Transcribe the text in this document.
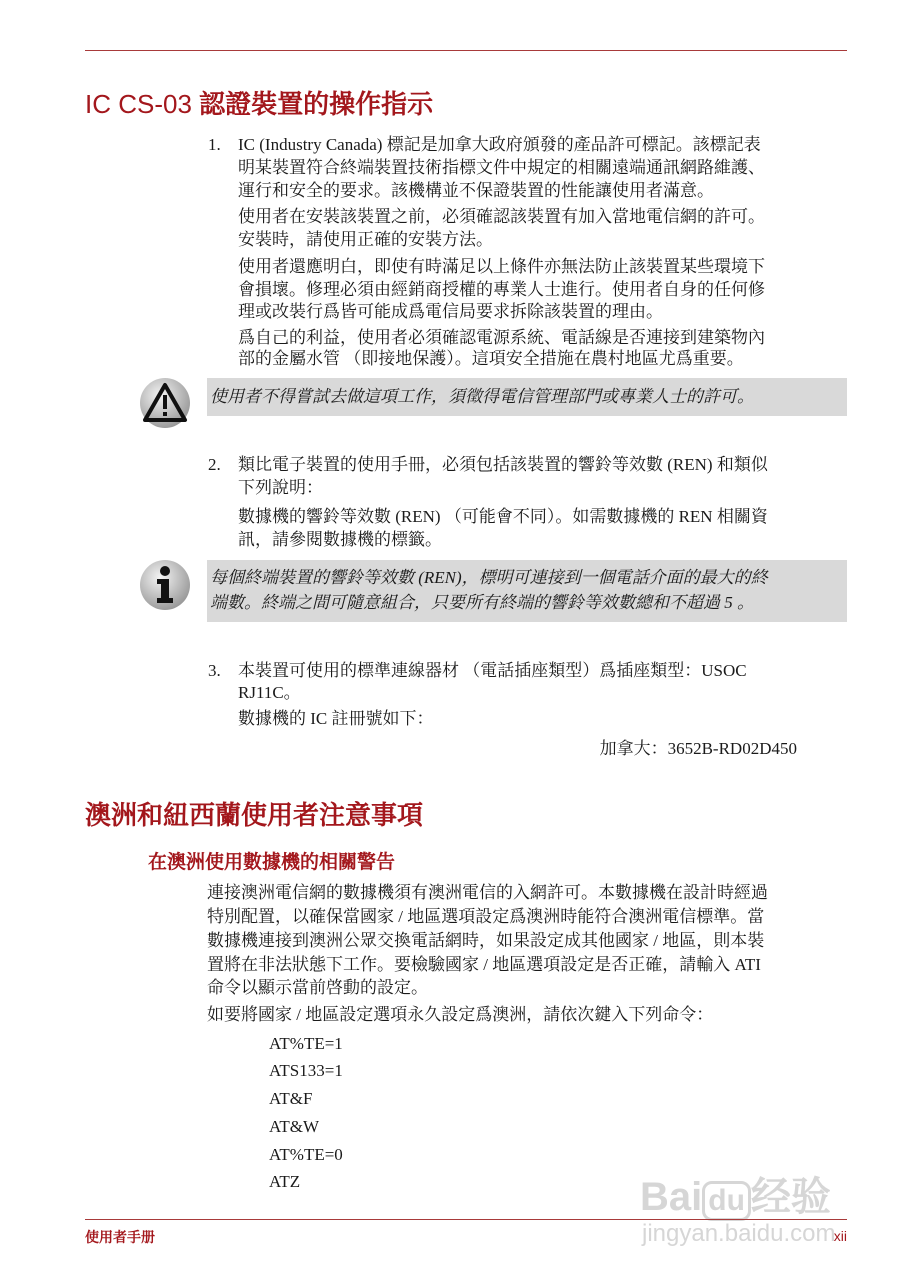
IC CS-03 認證裝置的操作指示
1. IC (Industry Canada) 標記是加拿大政府頒發的產品許可標記。該標記表
明某裝置符合終端裝置技術指標文件中規定的相關遠端通訊網路維護、
運行和安全的要求。該機構並不保證裝置的性能讓使用者滿意。
使用者在安裝該裝置之前，必須確認該裝置有加入當地電信網的許可。
安裝時，請使用正確的安裝方法。
使用者還應明白，即使有時滿足以上條件亦無法防止該裝置某些環境下
會損壞。修理必須由經銷商授權的專業人士進行。使用者自身的任何修
理或改裝行爲皆可能成爲電信局要求拆除該裝置的理由。
爲自己的利益，使用者必須確認電源系統、電話線是否連接到建築物內
部的金屬水管 （即接地保護）。這項安全措施在農村地區尤爲重要。
使用者不得嘗試去做這項工作，須徵得電信管理部門或專業人士的許可。
2. 類比電子裝置的使用手冊，必須包括該裝置的響鈴等效數 (REN) 和類似
下列說明：
數據機的響鈴等效數 (REN) （可能會不同）。如需數據機的 REN 相關資
訊，請參閱數據機的標籤。
每個終端裝置的響鈴等效數 (REN)，標明可連接到一個電話介面的最大的終
端數。終端之間可隨意組合，只要所有終端的響鈴等效數總和不超過 5 。
3. 本裝置可使用的標準連線器材 （電話插座類型）爲插座類型：USOC
RJ11C。
數據機的 IC 註冊號如下：
加拿大：3652B-RD02D450
澳洲和紐西蘭使用者注意事項
在澳洲使用數據機的相關警告
連接澳洲電信網的數據機須有澳洲電信的入網許可。本數據機在設計時經過
特別配置，以確保當國家 / 地區選項設定爲澳洲時能符合澳洲電信標準。當
數據機連接到澳洲公眾交換電話網時，如果設定成其他國家 / 地區，則本裝
置將在非法狀態下工作。要檢驗國家 / 地區選項設定是否正確，請輸入 ATI
命令以顯示當前啓動的設定。
如要將國家 / 地區設定選項永久設定爲澳洲，請依次鍵入下列命令：
AT%TE=1
ATS133=1
AT&F
AT&W
AT%TE=0
ATZ	Bai du 经验
使用者手册	jingyan.baidu.com
xii
